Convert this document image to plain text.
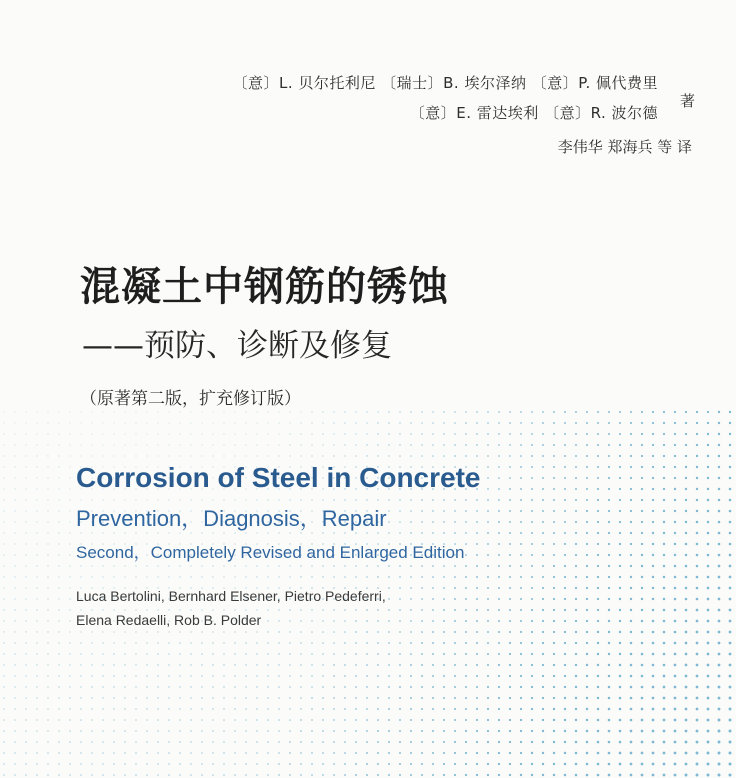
〔意〕L. 贝尔托利尼 〔瑞士〕B. 埃尔泽纳 〔意〕P. 佩代费里
〔意〕E. 雷达埃利 〔意〕R. 波尔德
著
李伟华 郑海兵 等 译
混凝土中钢筋的锈蚀
——预防、诊断及修复
（原著第二版，扩充修订版）
Corrosion of Steel in Concrete
Prevention，Diagnosis，Repair
Second，Completely Revised and Enlarged Edition
Luca Bertolini, Bernhard Elsener, Pietro Pedeferri,
Elena Redaelli, Rob B. Polder
